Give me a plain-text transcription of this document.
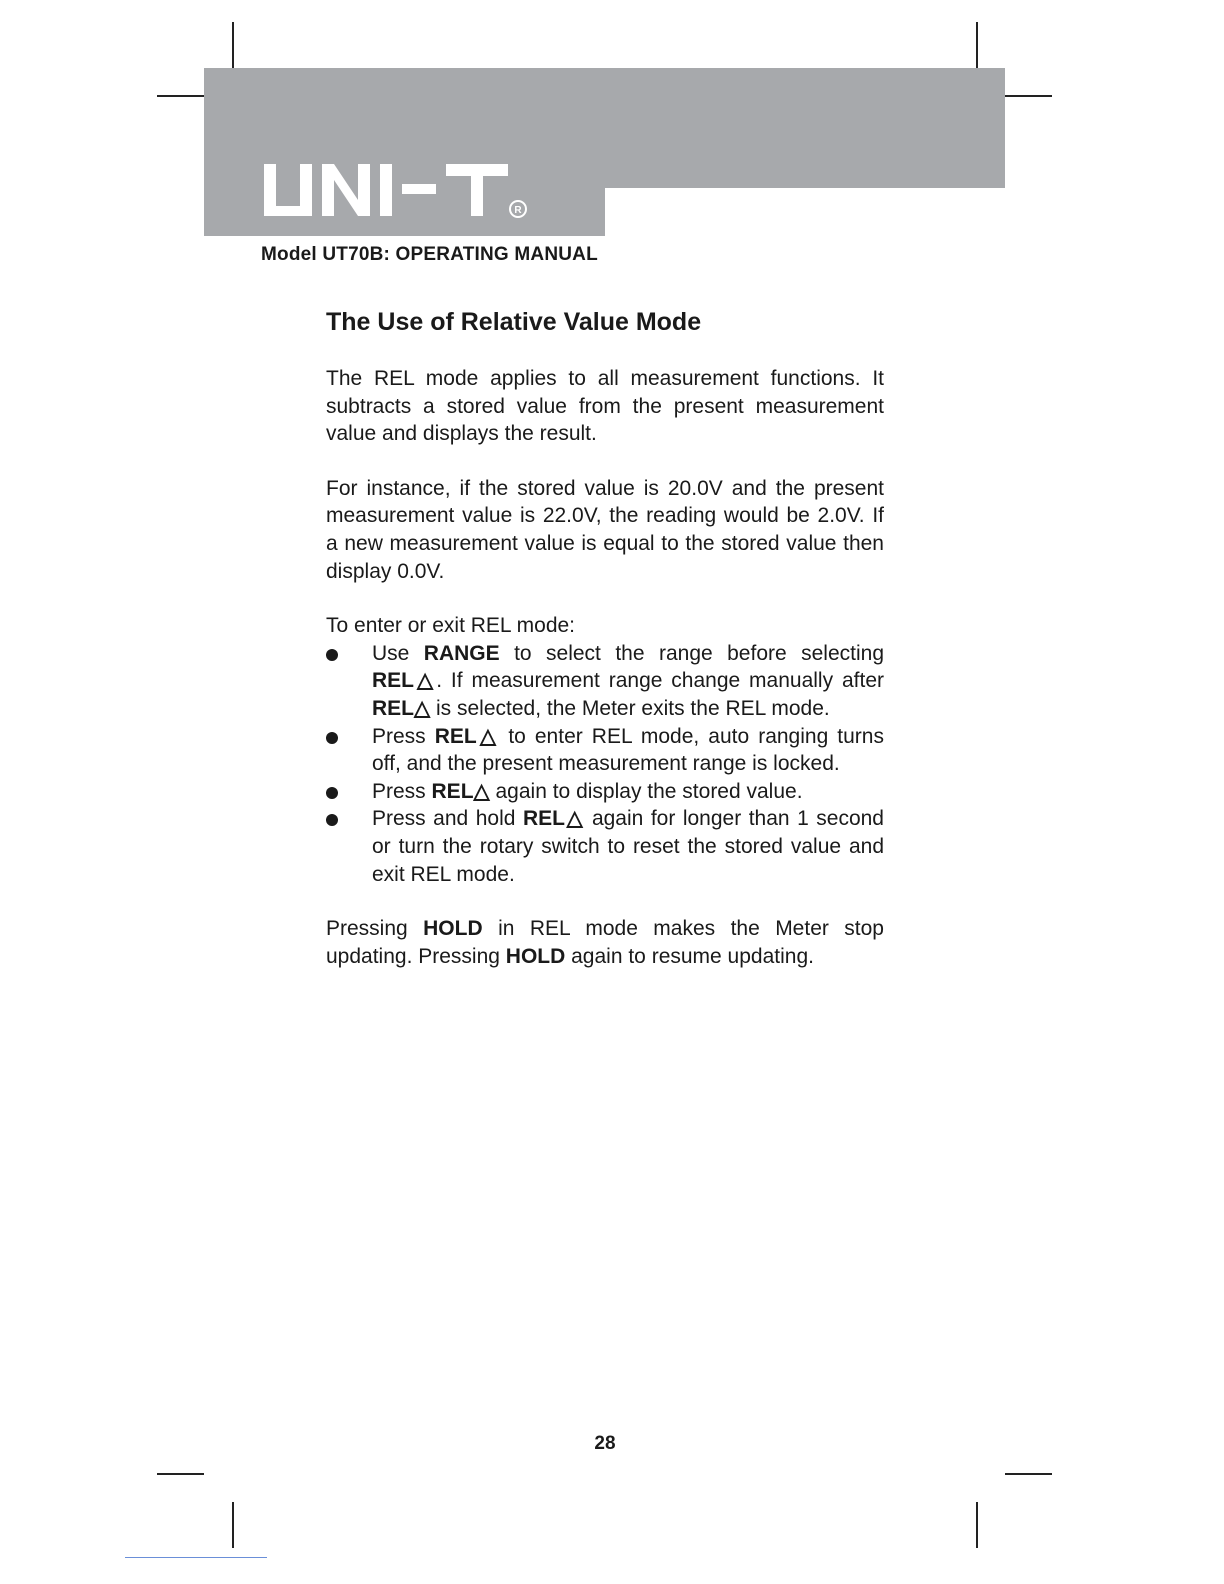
R
Model UT70B: OPERATING MANUAL
The Use of Relative Value Mode

The REL mode applies to all measurement functions. It subtracts a stored value from the present measurement value and displays the result.

For instance, if the stored value is 20.0V and the present measurement value is 22.0V, the reading would be 2.0V. If a new measurement value is equal to the stored value then display 0.0V.

To enter or exit REL mode:

Use RANGE to select the range before selecting REL△. If measurement range change manually after REL△ is selected, the Meter exits the REL mode.
Press REL△ to enter REL mode, auto ranging turns off, and the present measurement range is locked.
Press REL△ again to display the stored value.
Press and hold REL△ again for longer than 1 second or turn the rotary switch to reset the stored value and exit REL mode.

Pressing HOLD in REL mode makes the Meter stop updating. Pressing HOLD again to resume updating.

28
